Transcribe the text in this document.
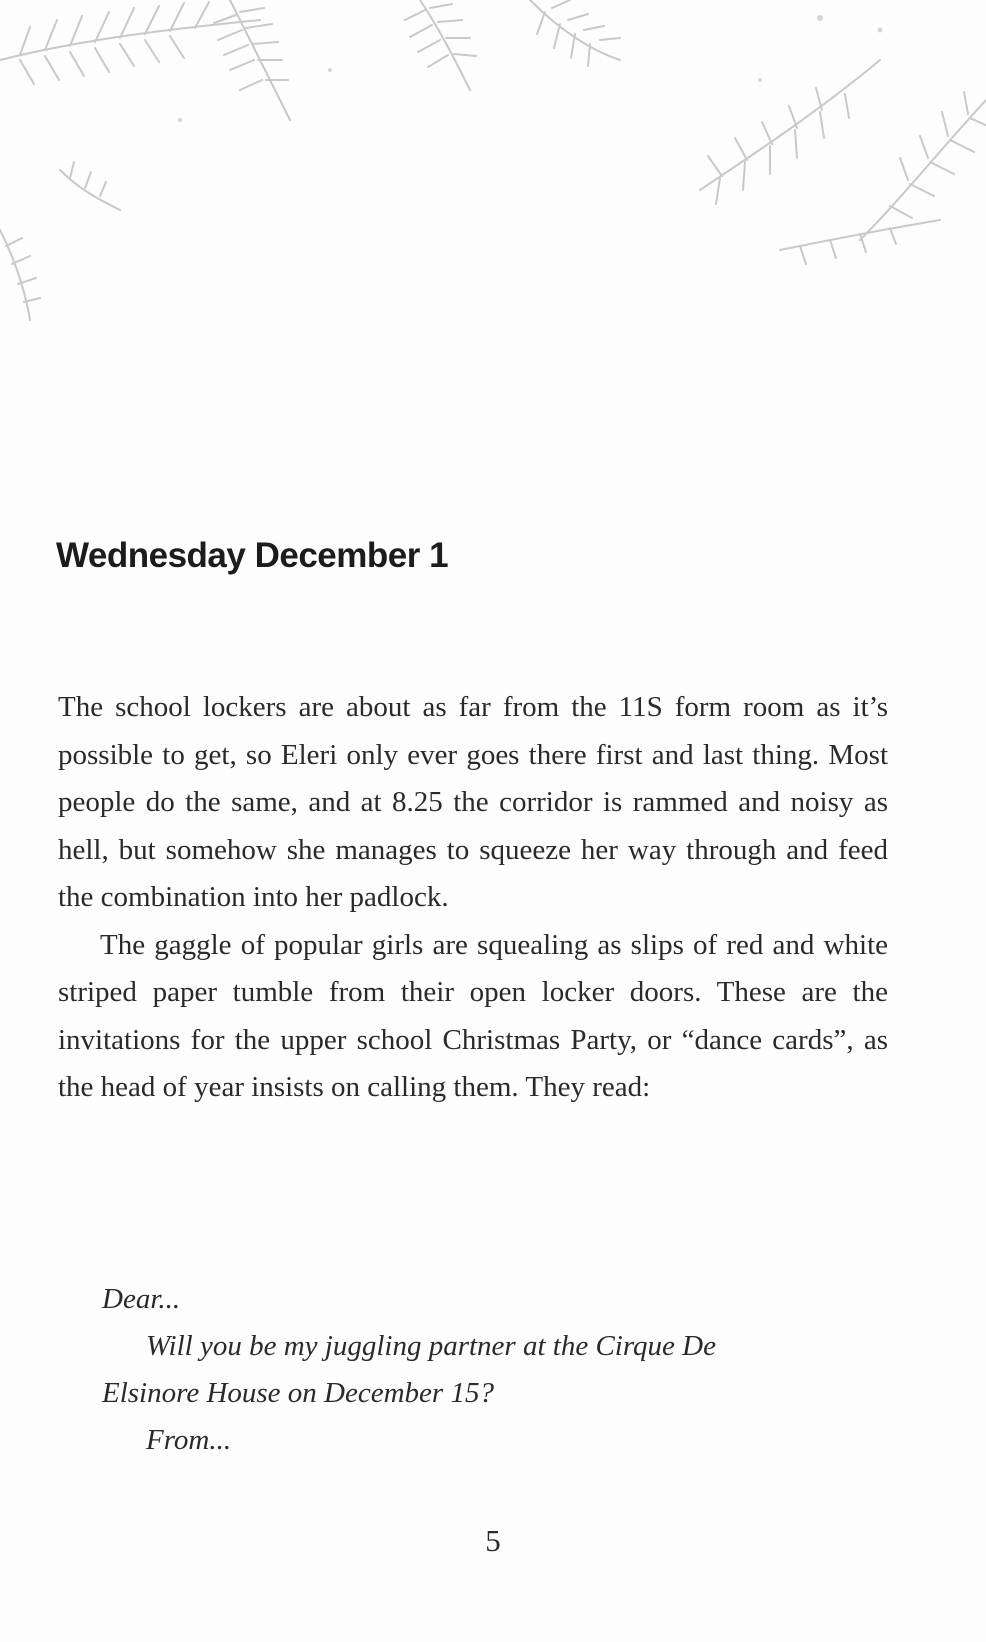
Wednesday December 1

The school lockers are about as far from the 11S form room as it’s possible to get, so Eleri only ever goes there first and last thing. Most people do the same, and at 8.25 the corridor is rammed and noisy as hell, but somehow she manages to squeeze her way through and feed the combination into her padlock.

The gaggle of popular girls are squealing as slips of red and white striped paper tumble from their open locker doors. These are the invitations for the upper school Christmas Party, or “dance cards”, as the head of year insists on calling them. They read:

Dear...
Will you be my juggling partner at the Cirque De
Elsinore House on December 15?
From...
5
